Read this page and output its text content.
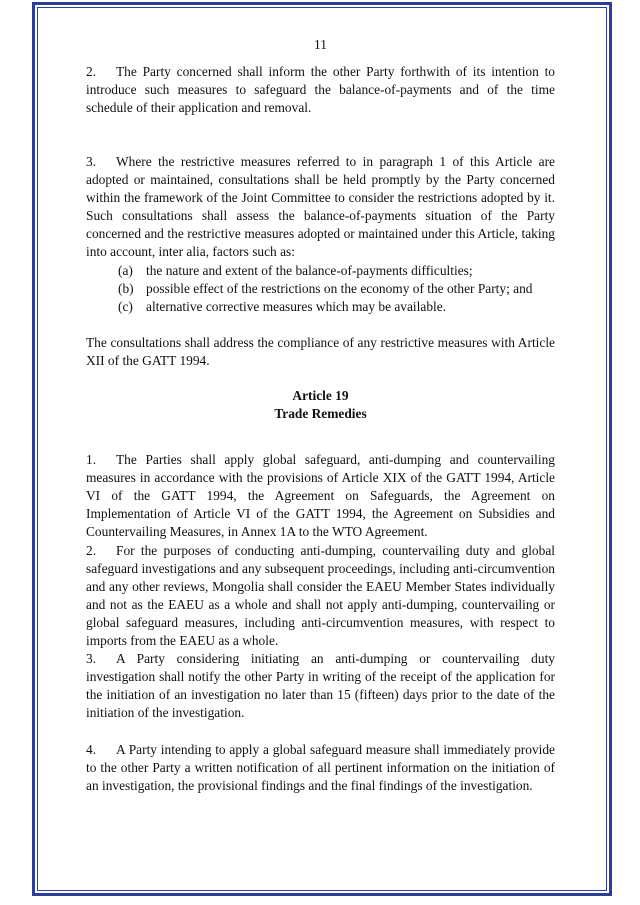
11

2. The Party concerned shall inform the other Party forthwith of its intention to introduce such measures to safeguard the balance-of-payments and of the time schedule of their application and removal.

3. Where the restrictive measures referred to in paragraph 1 of this Article are adopted or maintained, consultations shall be held promptly by the Party concerned within the framework of the Joint Committee to consider the restrictions adopted by it. Such consultations shall assess the balance-of-payments situation of the Party concerned and the restrictive measures adopted or maintained under this Article, taking into account, inter alia, factors such as:

(a) the nature and extent of the balance-of-payments difficulties;
(b) possible effect of the restrictions on the economy of the other Party; and
(c) alternative corrective measures which may be available.

The consultations shall address the compliance of any restrictive measures with Article XII of the GATT 1994.

Article 19
Trade Remedies

1. The Parties shall apply global safeguard, anti-dumping and countervailing measures in accordance with the provisions of Article XIX of the GATT 1994, Article VI of the GATT 1994, the Agreement on Safeguards, the Agreement on Implementation of Article VI of the GATT 1994, the Agreement on Subsidies and Countervailing Measures, in Annex 1A to the WTO Agreement.

2. For the purposes of conducting anti-dumping, countervailing duty and global safeguard investigations and any subsequent proceedings, including anti-circumvention and any other reviews, Mongolia shall consider the EAEU Member States individually and not as the EAEU as a whole and shall not apply anti-dumping, countervailing or global safeguard measures, including anti-circumvention measures, with respect to imports from the EAEU as a whole.

3. A Party considering initiating an anti-dumping or countervailing duty investigation shall notify the other Party in writing of the receipt of the application for the initiation of an investigation no later than 15 (fifteen) days prior to the date of the initiation of the investigation.

4. A Party intending to apply a global safeguard measure shall immediately provide to the other Party a written notification of all pertinent information on the initiation of an investigation, the provisional findings and the final findings of the investigation.
